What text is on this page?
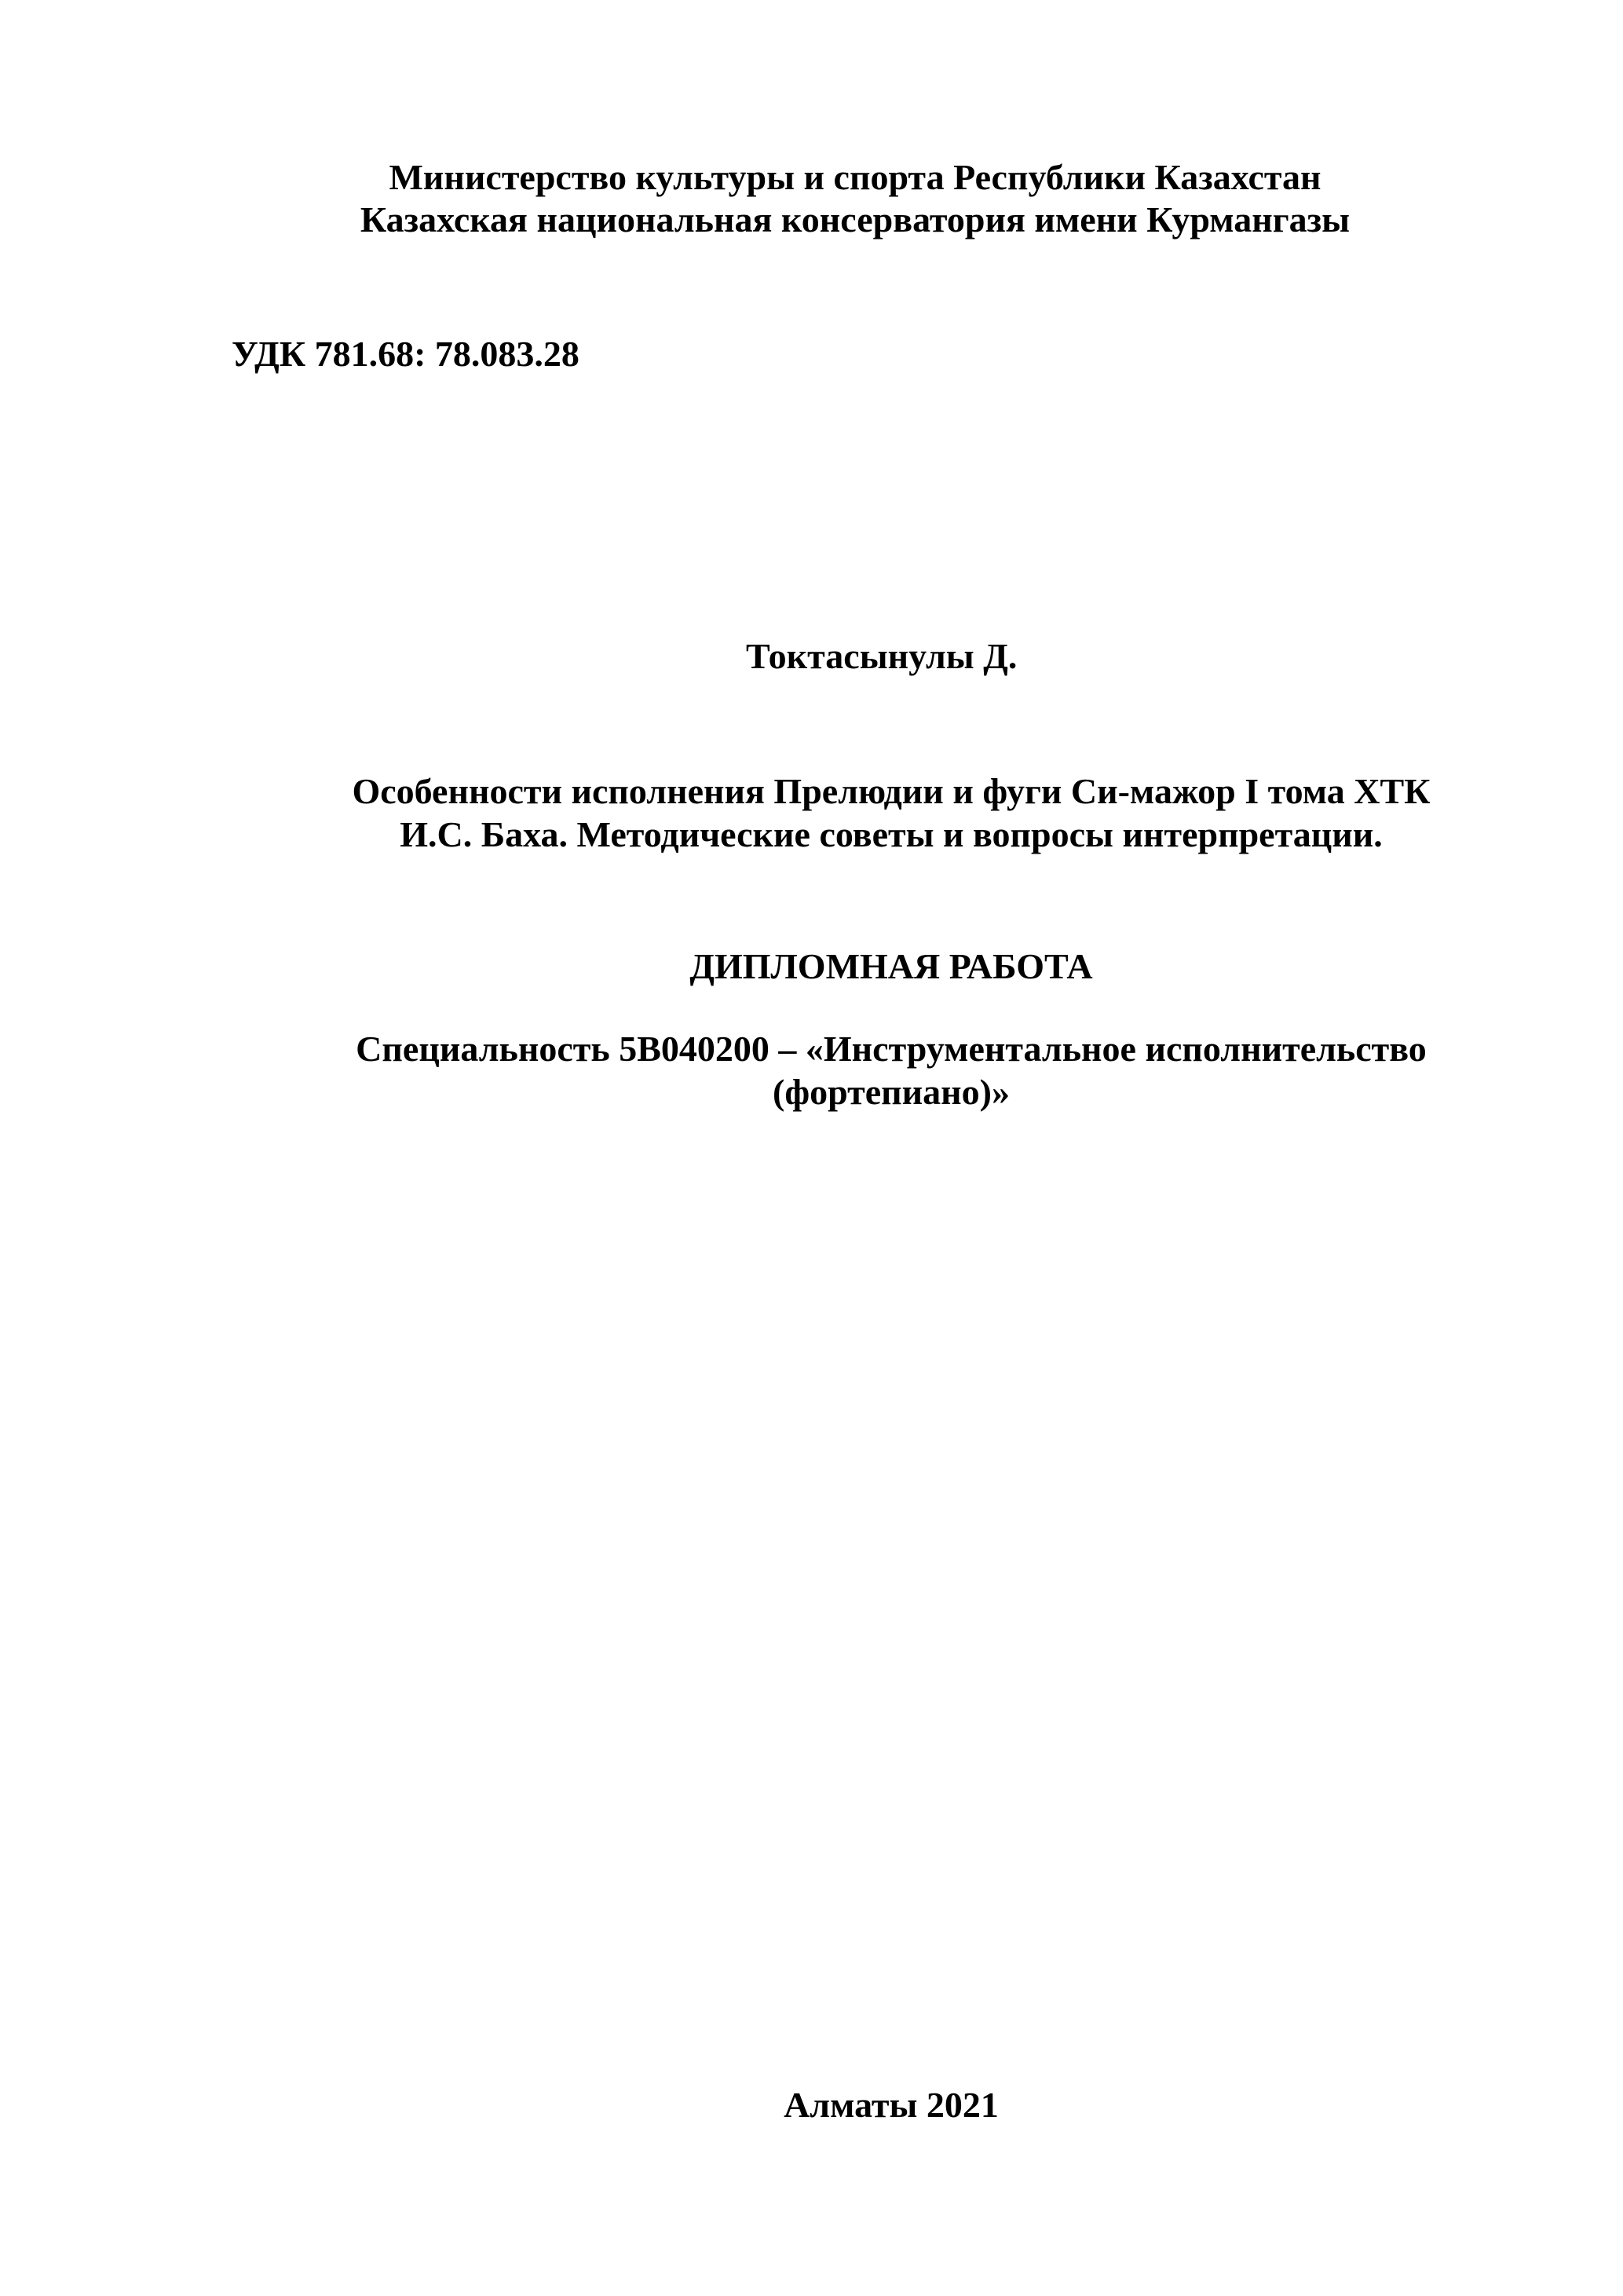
Министерство культуры и спорта Республики Казахстан

Казахская национальная консерватория имени Курмангазы

УДК 781.68: 78.083.28

Токтасынулы Д.

Особенности исполнения Прелюдии и фуги Си-мажор I тома ХТК

И.С. Баха. Методические советы и вопросы интерпретации.

ДИПЛОМНАЯ РАБОТА

Специальность 5В040200 – «Инструментальное исполнительство

(фортепиано)»

Алматы 2021
